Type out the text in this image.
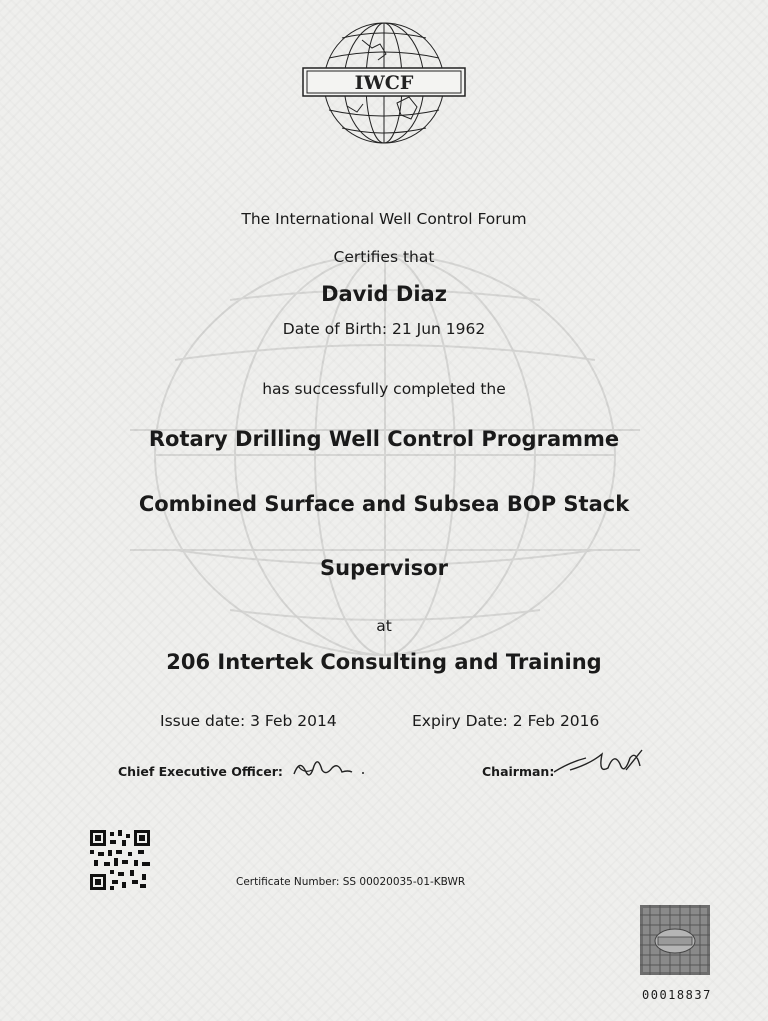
IWCF
The International Well Control Forum
Certifies that
David Diaz
Date of Birth: 21 Jun 1962
has successfully completed the
Rotary Drilling Well Control Programme
Combined Surface and Subsea BOP Stack
Supervisor
at
206 Intertek Consulting and Training
Issue date: 3 Feb 2014	Expiry Date: 2 Feb 2016
Chief Executive Officer:	Chairman:
Certificate Number: SS 00020035-01-KBWR
00018837
